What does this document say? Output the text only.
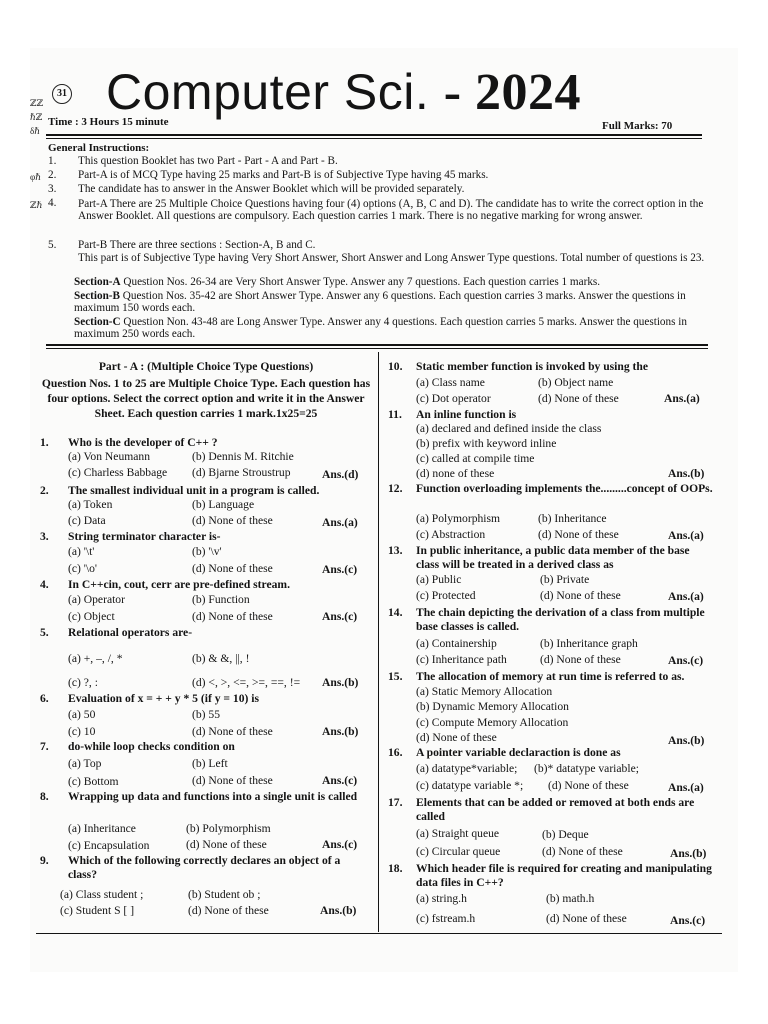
ℤℤ
ℏℤ
δℏ
φℏ
ℤℏ
31 Computer Sci. - 2024
Time : 3 Hours 15 minute	Full Marks: 70
General Instructions:
1. This question Booklet has two Part - Part - A and Part - B.
2. Part-A is of MCQ Type having 25 marks and Part-B is of Subjective Type having 45 marks.
3. The candidate has to answer in the Answer Booklet which will be provided separately.
4. Part-A There are 25 Multiple Choice Questions having four (4) options (A, B, C and D). The candidate has to write the correct option in the Answer Booklet. All questions are compulsory. Each question carries 1 mark. There is no negative marking for wrong answer.
5. Part-B There are three sections : Section-A, B and C.
This part is of Subjective Type having Very Short Answer, Short Answer and Long Answer Type questions. Total number of questions is 23.
Section-A Question Nos. 26-34 are Very Short Answer Type. Answer any 7 questions. Each question carries 1 marks.
Section-B Question Nos. 35-42 are Short Answer Type. Answer any 6 questions. Each question carries 3 marks. Answer the questions in maximum 150 words each.
Section-C Question Non. 43-48 are Long Answer Type. Answer any 4 questions. Each question carries 5 marks. Answer the questions in maximum 250 words each.
Part - A : (Multiple Choice Type Questions)
Question Nos. 1 to 25 are Multiple Choice Type. Each question has four options. Select the correct option and write it in the Answer Sheet. Each question carries 1 mark.1x25=25
1. Who is the developer of C++ ?
(a) Von Neumann	(b) Dennis M. Ritchie
(c) Charless Babbage (d) Bjarne Stroustrup	Ans.(d)
2. The smallest individual unit in a program is called.
(a) Token	(b) Language
(c) Data	(d) None of these	Ans.(a)
3. String terminator character is-
(a) '\t'	(b) '\v'
(c) '\o'	(d) None of these	Ans.(c)
4. In C++cin, cout, cerr are pre-defined stream.
(a) Operator	(b) Function
(c) Object	(d) None of these	Ans.(c)
5. Relational operators are-
(a) +, –, /, *	(b) & &, ||, !
(c) ?, :	(d) <, >, <=, >=, ==, != Ans.(b)
6. Evaluation of x = + + y * 5 (if y = 10) is
(a) 50	(b) 55
(c) 10	(d) None of these	Ans.(b)
7. do-while loop checks condition on
(a) Top	(b) Left
(c) Bottom	(d) None of these	Ans.(c)
8. Wrapping up data and functions into a single unit is called
(a) Inheritance	(b) Polymorphism
(c) Encapsulation	(d) None of these	Ans.(c)
9. Which of the following correctly declares an object of a class?
(a) Class student ;	(b) Student ob ;
(c) Student S [ ]	(d) None of these	Ans.(b)
10. Static member function is invoked by using the
(a) Class name	(b) Object name
(c) Dot operator	(d) None of these	Ans.(a)
11. An inline function is
(a) declared and defined inside the class
(b) prefix with keyword inline
(c) called at compile time
(d) none of these	Ans.(b)
12. Function overloading implements the.........concept of OOPs.
(a) Polymorphism	(b) Inheritance
(c) Abstraction	(d) None of these	Ans.(a)
13. In public inheritance, a public data member of the base class will be treated in a derived class as
(a) Public	(b) Private
(c) Protected	(d) None of these	Ans.(a)
14. The chain depicting the derivation of a class from multiple base classes is called.
(a) Containership	(b) Inheritance graph
(c) Inheritance path	(d) None of these	Ans.(c)
15. The allocation of memory at run time is referred to as.
(a) Static Memory Allocation
(b) Dynamic Memory Allocation
(c) Compute Memory Allocation
(d) None of these	Ans.(b)
16. A pointer variable declaraction is done as
(a) datatype*variable; (b)* datatype variable;
(c) datatype variable *; (d) None of these	Ans.(a)
17. Elements that can be added or removed at both ends are called
(a) Straight queue	(b) Deque
(c) Circular queue	(d) None of these	Ans.(b)
18. Which header file is required for creating and manipulating data files in C++?
(a) string.h	(b) math.h
(c) fstream.h	(d) None of these	Ans.(c)
